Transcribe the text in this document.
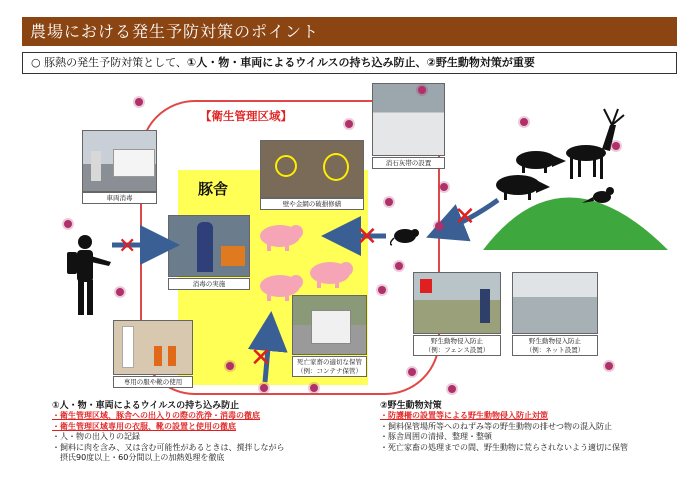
農場における発生予防対策のポイント
○ 豚熱の発生予防対策として、①人・物・車両によるウイルスの持ち込み防止、②野生動物対策が重要
【衛生管理区域】
豚舎
車両消毒
壁や金網の破損修繕
消石灰帯の設置
消毒の実施
専用の服や靴の使用
死亡家畜の適切な保管
（例：コンテナ保管）
野生動物侵入防止
（例：フェンス設置）
野生動物侵入防止
（例：ネット設置）
✕	✕
✕
✕
①人・物・車両によるウイルスの持ち込み防止
・衛生管理区域、豚舎への出入りの際の洗浄・消毒の徹底
・衛生管理区域専用の衣服、靴の設置と使用の徹底
・人・物の出入りの記録
・飼料に肉を含み、又は含む可能性があるときは、撹拌しながら
　摂氏90度以上・60分間以上の加熱処理を徹底
②野生動物対策
・防護柵の設置等による野生動物侵入防止対策
・飼料保管場所等へのねずみ等の野生動物の排せつ物の混入防止
・豚舎周囲の清掃、整理・整頓
・死亡家畜の処理までの間、野生動物に荒らされないよう適切に保管
